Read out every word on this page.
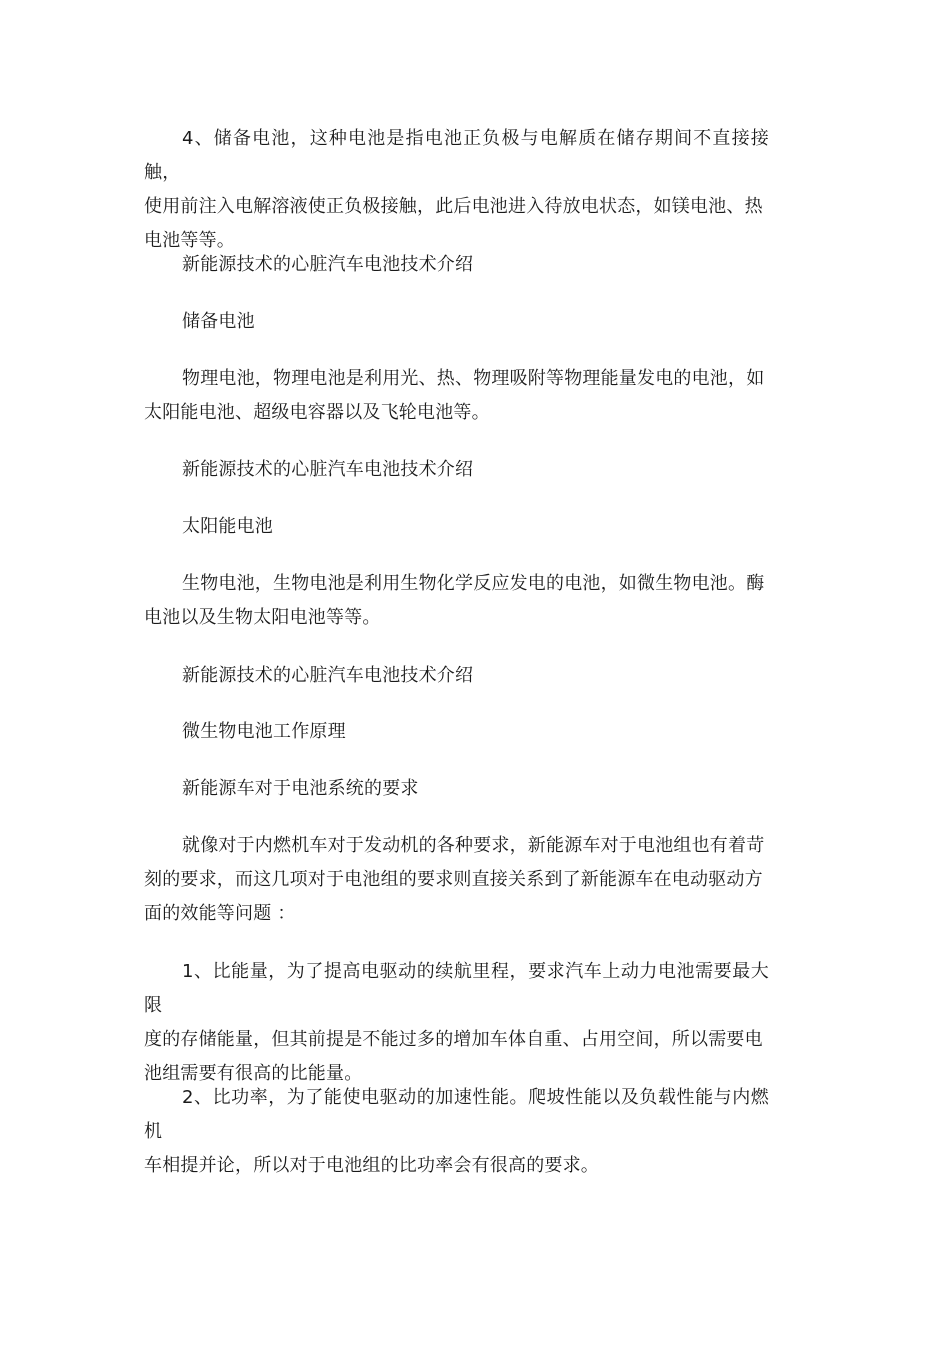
4、储备电池，这种电池是指电池正负极与电解质在储存期间不直接接触，
使用前注入电解溶液使正负极接触，此后电池进入待放电状态，如镁电池、热
电池等等。

新能源技术的心脏汽车电池技术介绍

储备电池

物理电池，物理电池是利用光、热、物理吸附等物理能量发电的电池，如
太阳能电池、超级电容器以及飞轮电池等。

新能源技术的心脏汽车电池技术介绍

太阳能电池

生物电池，生物电池是利用生物化学反应发电的电池，如微生物电池。酶
电池以及生物太阳电池等等。

新能源技术的心脏汽车电池技术介绍

微生物电池工作原理

新能源车对于电池系统的要求

就像对于内燃机车对于发动机的各种要求，新能源车对于电池组也有着苛
刻的要求，而这几项对于电池组的要求则直接关系到了新能源车在电动驱动方
面的效能等问题 ：

1、比能量，为了提高电驱动的续航里程，要求汽车上动力电池需要最大限
度的存储能量，但其前提是不能过多的增加车体自重、占用空间，所以需要电
池组需要有很高的比能量。

2、比功率，为了能使电驱动的加速性能。爬坡性能以及负载性能与内燃机
车相提并论，所以对于电池组的比功率会有很高的要求。
